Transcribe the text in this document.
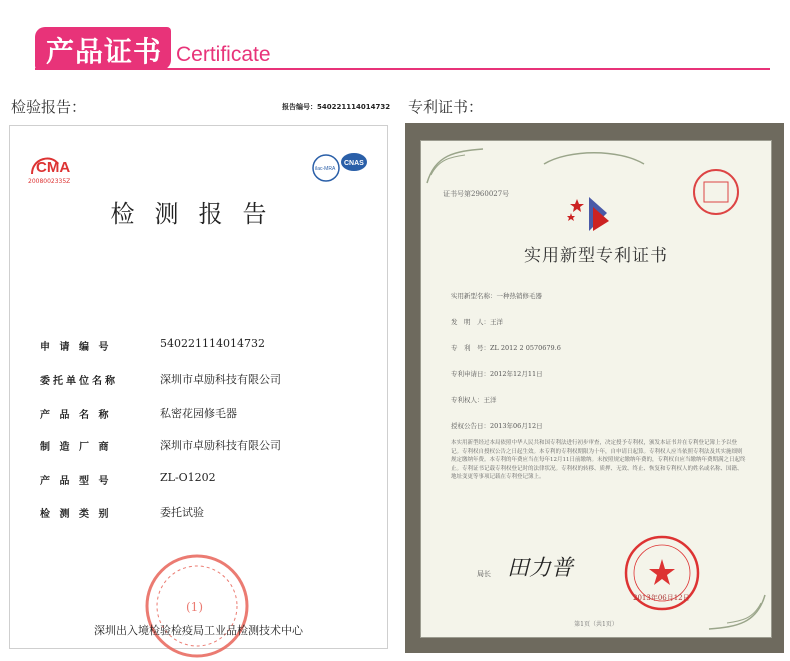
产品证书 Certificate
检验报告：	报告编号：540221114014732 专利证书：
CMA
2008002335Z
ilac-MRA
CNAS
检测报告
申 请 编 号	540221114014732
委托单位名称	深圳市卓励科技有限公司
产 品 名 称	私密花园修毛器
制 造 厂 商	深圳市卓励科技有限公司
产 品 型 号	ZL-O1202
检 测 类 别	委托试验
(1)
深圳出入境检验检疫局工业品检测技术中心
证书号第2960027号
实用新型专利证书
实用新型名称：一种热销修毛器
发　明　人：王洋
专　利　号：ZL 2012 2 0570679.6
专利申请日：2012年12月11日
专利权人：王洋
授权公告日：2013年06月12日
本实用新型经过本局依照中华人民共和国专利法进行初步审查，决定授予专利权，颁发本证书并在专利登记簿上予以登记。专利权自授权公告之日起生效。本专利的专利权期限为十年，自申请日起算。专利权人应当依照专利法及其实施细则规定缴纳年费。本专利的年费应当在每年12月11日前缴纳。未按照规定缴纳年费的，专利权自应当缴纳年费期满之日起终止。专利证书记载专利权登记时的法律状况。专利权的转移、质押、无效、终止、恢复和专利权人的姓名或名称、国籍、地址变更等事项记载在专利登记簿上。
局长 田力普
2013年06月12日
第1页（共1页）
